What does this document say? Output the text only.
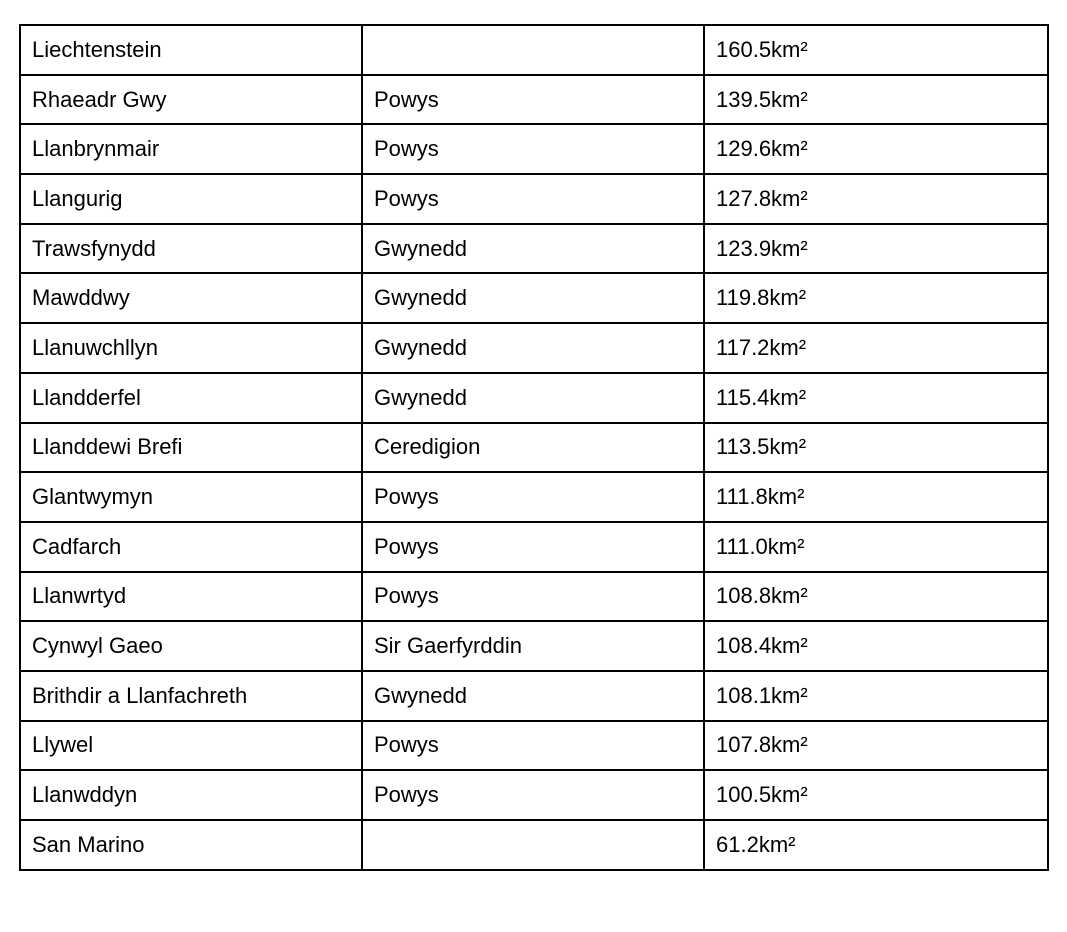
Liechtenstein		160.5km²
Rhaeadr Gwy	Powys	139.5km²
Llanbrynmair	Powys	129.6km²
Llangurig	Powys	127.8km²
Trawsfynydd	Gwynedd	123.9km²
Mawddwy	Gwynedd	119.8km²
Llanuwchllyn	Gwynedd	117.2km²
Llandderfel	Gwynedd	115.4km²
Llanddewi Brefi	Ceredigion	113.5km²
Glantwymyn	Powys	111.8km²
Cadfarch	Powys	111.0km²
Llanwrtyd	Powys	108.8km²
Cynwyl Gaeo	Sir Gaerfyrddin	108.4km²
Brithdir a Llanfachreth	Gwynedd	108.1km²
Llywel	Powys	107.8km²
Llanwddyn	Powys	100.5km²
San Marino		61.2km²
